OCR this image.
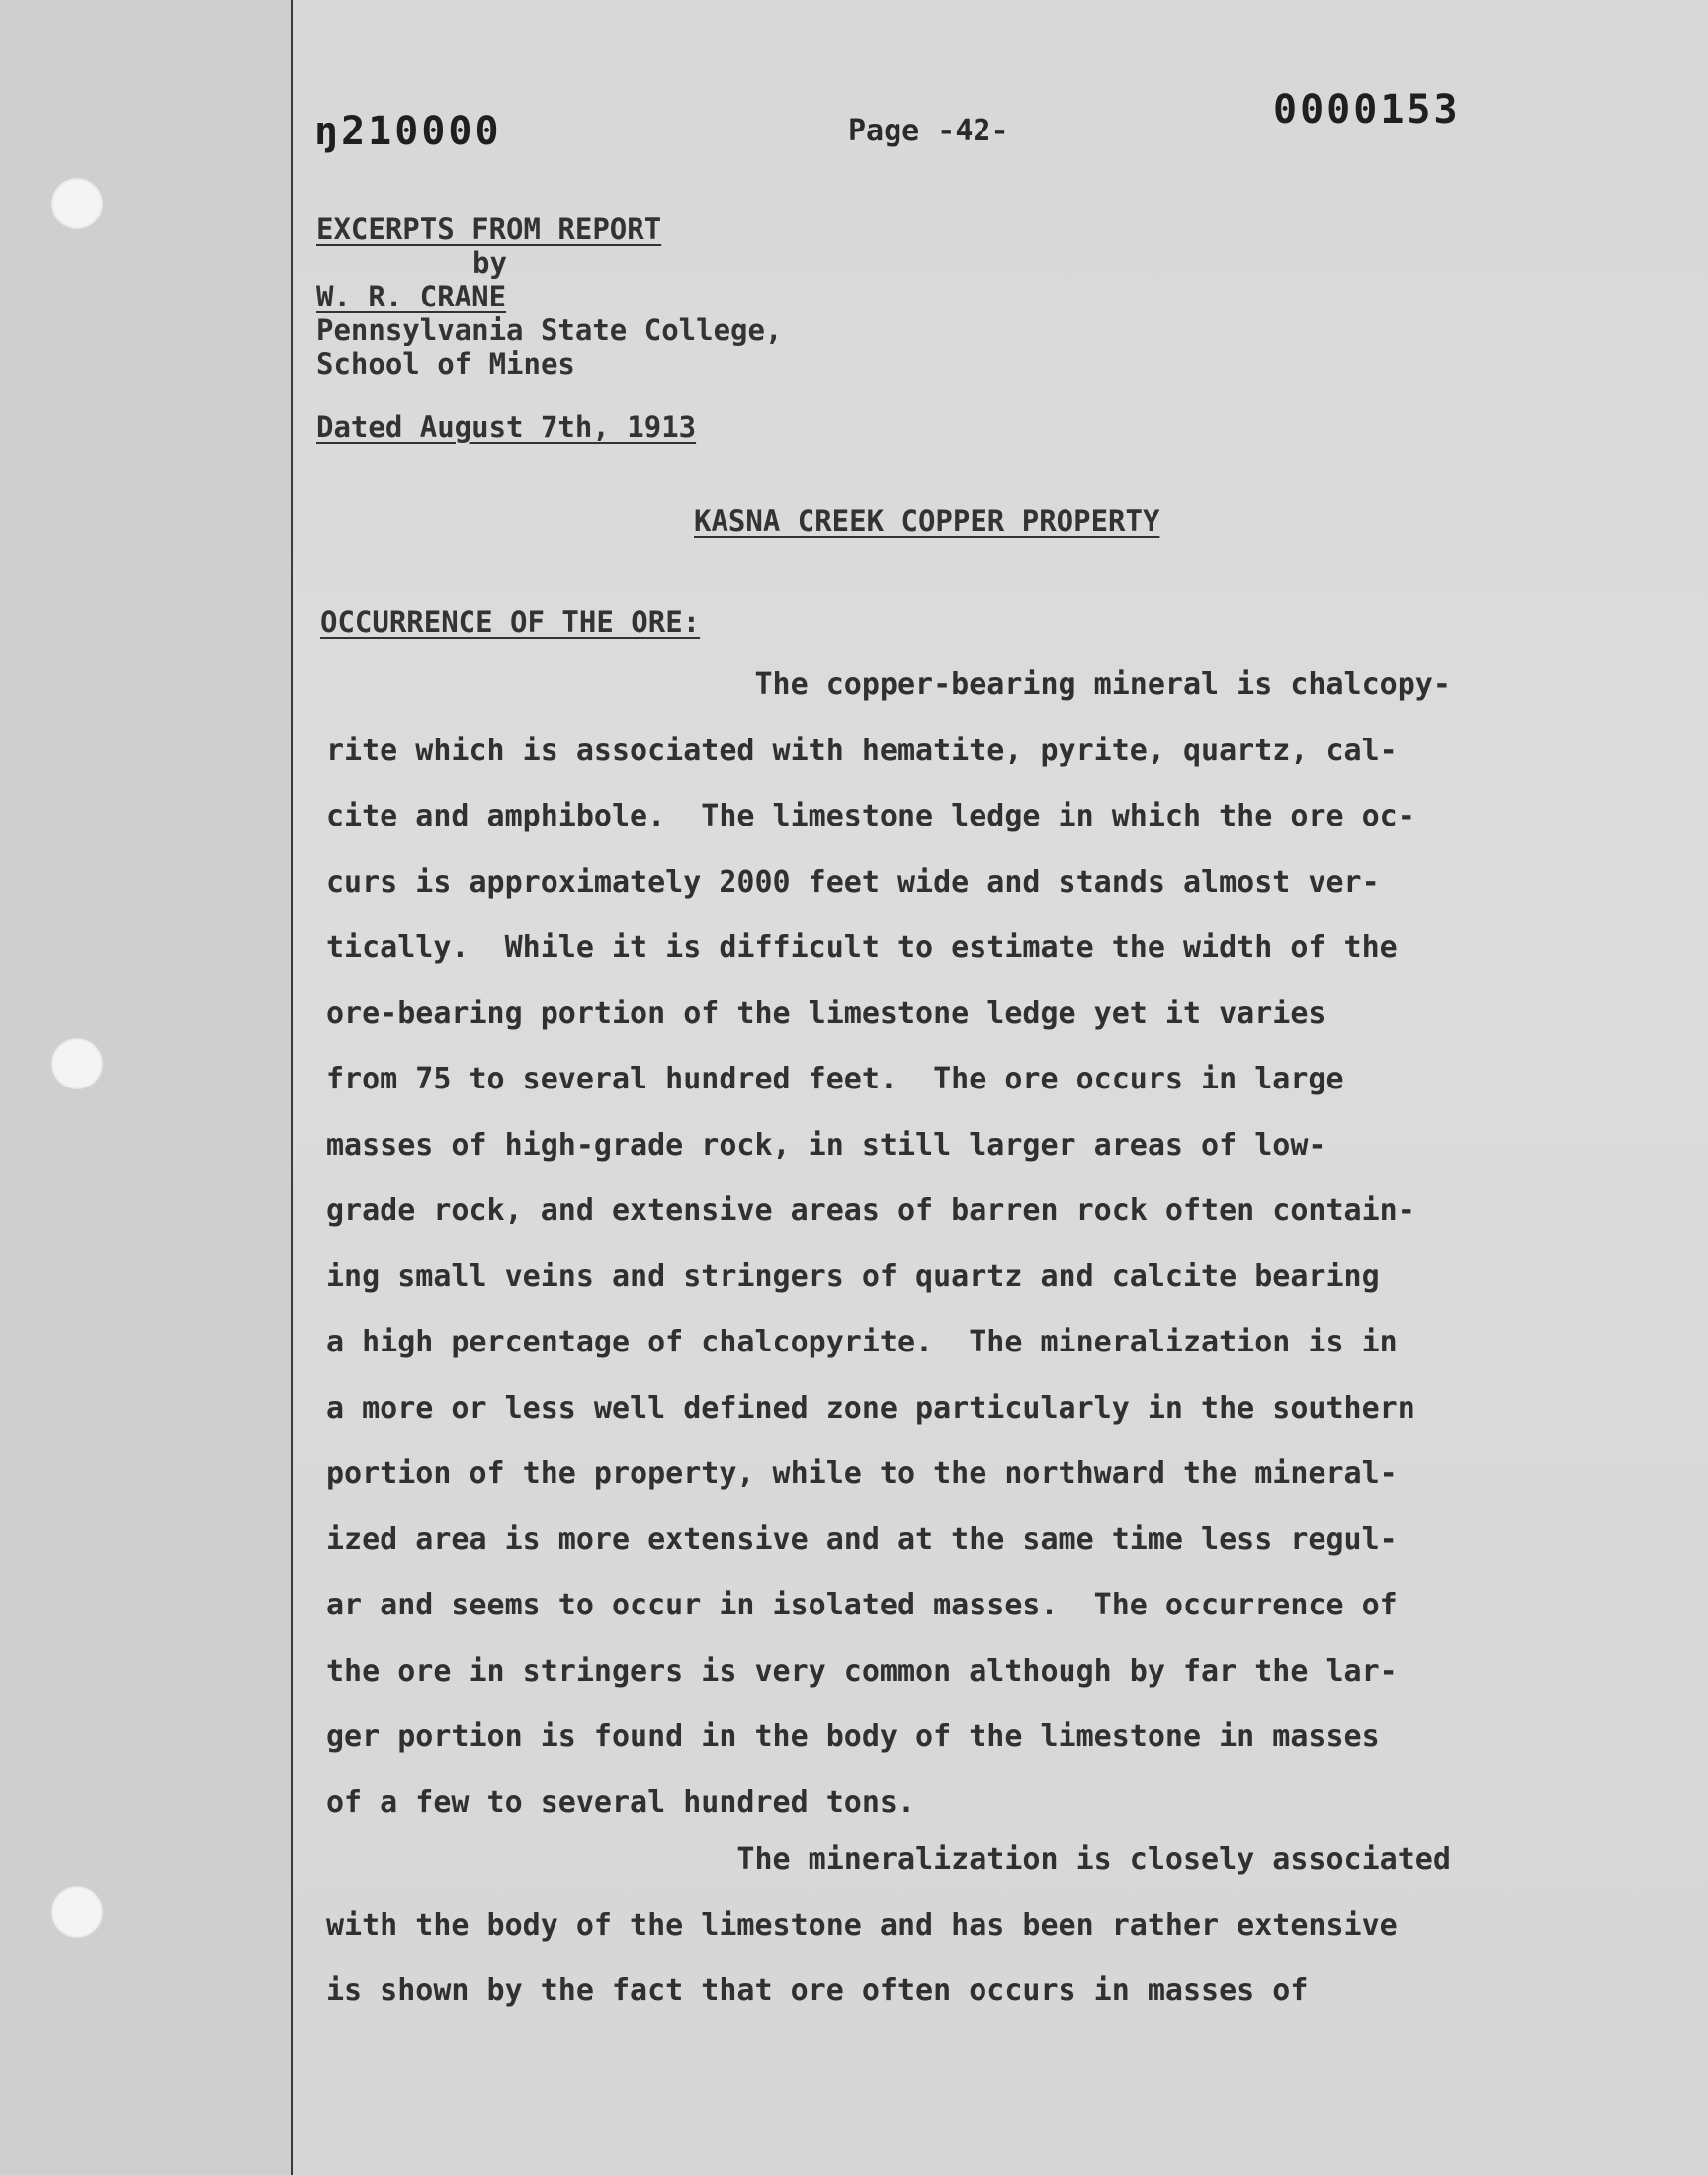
ŋ210000	Page -42-	0000153
EXCERPTS FROM REPORT
by
W. R. CRANE
Pennsylvania State College,
School of Mines
Dated August 7th, 1913
KASNA CREEK COPPER PROPERTY
OCCURRENCE OF THE ORE:
The copper-bearing mineral is chalcopy-
rite which is associated with hematite, pyrite, quartz, cal-
cite and amphibole.  The limestone ledge in which the ore oc-
curs is approximately 2000 feet wide and stands almost ver-
tically.  While it is difficult to estimate the width of the
ore-bearing portion of the limestone ledge yet it varies
from 75 to several hundred feet.  The ore occurs in large
masses of high-grade rock, in still larger areas of low-
grade rock, and extensive areas of barren rock often contain-
ing small veins and stringers of quartz and calcite bearing
a high percentage of chalcopyrite.  The mineralization is in
a more or less well defined zone particularly in the southern
portion of the property, while to the northward the mineral-
ized area is more extensive and at the same time less regul-
ar and seems to occur in isolated masses.  The occurrence of
the ore in stringers is very common although by far the lar-
ger portion is found in the body of the limestone in masses
of a few to several hundred tons.
The mineralization is closely associated
with the body of the limestone and has been rather extensive
is shown by the fact that ore often occurs in masses of
